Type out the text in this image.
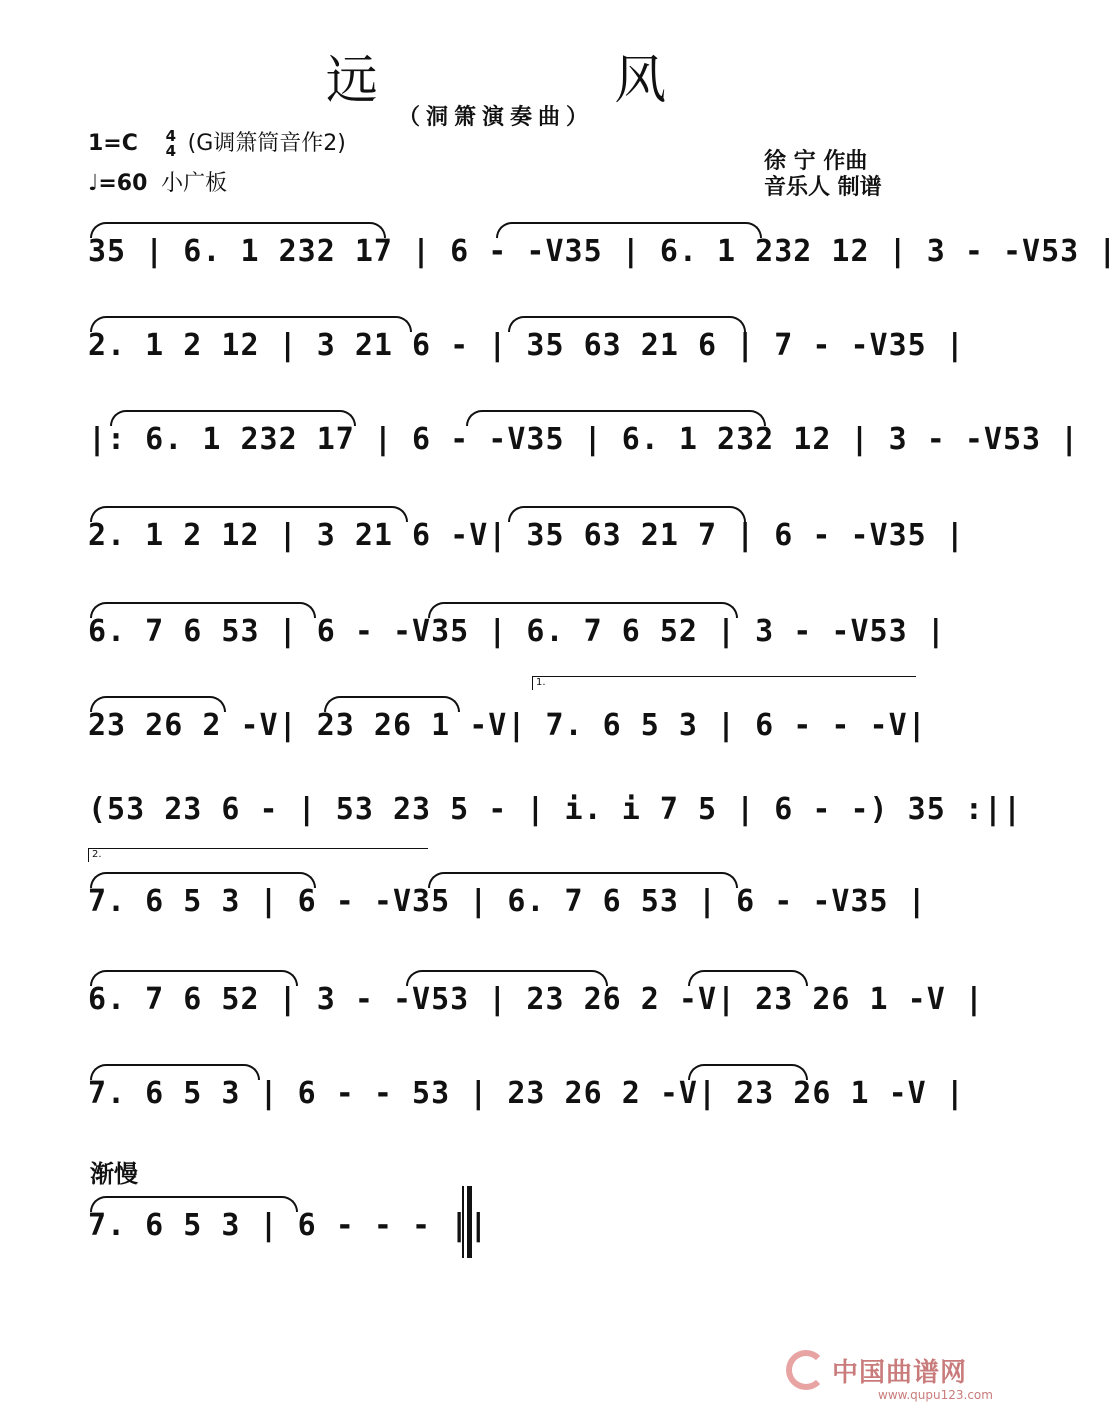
远 风
（洞箫演奏曲）
1=C 4
4 (G调箫筒音作2)
♩=60 小广板
徐 宁 作曲
音乐人 制谱
35 | 6. 1 232 17 | 6 - -V35 | 6. 1 232 12 | 3 - -V53 |
2. 1 2 12 | 3 21 6 - | 35 63 21 6 | 7 - -V35 |
|: 6. 1 232 17 | 6 - -V35 | 6. 1 232 12 | 3 - -V53 |
2. 1 2 12 | 3 21 6 -V| 35 63 21 7 | 6 - -V35 |
6. 7 6 53 | 6 - -V35 | 6. 7 6 52 | 3 - -V53 |
1.
23 26 2 -V| 23 26 1 -V| 7. 6 5 3 | 6 - - -V|
(53 23 6 - | 53 23 5 - | i. i 7 5 | 6 - -) 35 :||
2.
7. 6 5 3 | 6 - -V35 | 6. 7 6 53 | 6 - -V35 |
6. 7 6 52 | 3 - -V53 | 23 26 2 -V| 23 26 1 -V |
7. 6 5 3 | 6 - - 53 | 23 26 2 -V| 23 26 1 -V |
渐慢
7. 6 5 3 | 6 - - - ||
中国曲谱网
www.qupu123.com
